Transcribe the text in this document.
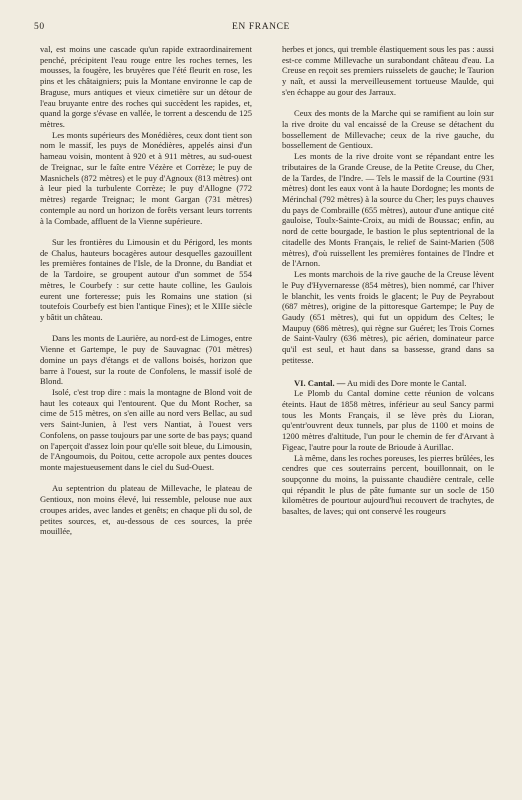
50	EN FRANCE

val, est moins une cascade qu'un rapide extraordinairement penché, précipitent l'eau rouge entre les roches ternes, les mousses, la fougère, les bruyères que l'été fleurit en rose, les pins et les châtaigniers; puis la Montane environne le cap de Braguse, murs antiques et vieux cimetière sur un détour de l'eau bruyante entre des roches qui succèdent les rapides, et, quand la gorge s'évase en vallée, le torrent a descendu de 125 mètres.

Les monts supérieurs des Monédières, ceux dont tient son nom le massif, les puys de Monédières, appelés ainsi d'un hameau voisin, montent à 920 et à 911 mètres, au sud-ouest de Treignac, sur le faîte entre Vézère et Corrèze; le puy de Masnichels (872 mètres) et le puy d'Agnoux (813 mètres) ont à leur pied la turbulente Corrèze; le puy d'Allogne (772 mètres) regarde Treignac; le mont Gargan (731 mètres) contemple au nord un horizon de forêts versant leurs torrents à la Combade, affluent de la Vienne supérieure.

Sur les frontières du Limousin et du Périgord, les monts de Chalus, hauteurs bocagères autour desquelles gazouillent les premières fontaines de l'Isle, de la Dronne, du Bandiat et de la Tardoire, se groupent autour d'un sommet de 554 mètres, le Courbefy : sur cette haute colline, les Gaulois eurent une forteresse; puis les Romains une station (si toutefois Courbefy est bien l'antique Fines); et le XIIIe siècle y bâtit un château.

Dans les monts de Laurière, au nord-est de Limoges, entre Vienne et Gartempe, le puy de Sauvagnac (701 mètres) domine un pays d'étangs et de vallons boisés, horizon que barre à l'ouest, sur la route de Confolens, le massif isolé de Blond.

Isolé, c'est trop dire : mais la montagne de Blond voit de haut les coteaux qui l'entourent. Que du Mont Rocher, sa cime de 515 mètres, on s'en aille au nord vers Bellac, au sud vers Saint-Junien, à l'est vers Nantiat, à l'ouest vers Confolens, on passe toujours par une sorte de bas pays; quand on l'aperçoit d'assez loin pour qu'elle soit bleue, du Limousin, de l'Angoumois, du Poitou, cette acropole aux pentes douces monte majestueusement dans le ciel du Sud-Ouest.

Au septentrion du plateau de Millevache, le plateau de Gentioux, non moins élevé, lui ressemble, pelouse nue aux croupes arides, avec landes et genêts; en chaque pli du sol, de petites sources, et, au-dessous de ces sources, la prée mouillée,

herbes et joncs, qui tremble élastiquement sous les pas : aussi est-ce comme Millevache un surabondant château d'eau. La Creuse en reçoit ses premiers ruisselets de gauche; le Taurion y naît, et aussi la merveilleusement tortueuse Maulde, qui s'en échappe au gour des Jarraux.

Ceux des monts de la Marche qui se ramifient au loin sur la rive droite du val encaissé de la Creuse se détachent du bossellement de Millevache; ceux de la rive gauche, du bossellement de Gentioux.

Les monts de la rive droite vont se répandant entre les tributaires de la Grande Creuse, de la Petite Creuse, du Cher, de la Tardes, de l'Indre. — Tels le massif de la Courtine (931 mètres) dont les eaux vont à la haute Dordogne; les monts de Mérinchal (792 mètres) à la source du Cher; les puys chauves du pays de Combraille (655 mètres), autour d'une antique cité gauloise, Toulx-Sainte-Croix, au midi de Boussac; enfin, au nord de cette bourgade, le bastion le plus septentrional de la citadelle des Monts Français, le relief de Saint-Marien (508 mètres), d'où ruissellent les premières fontaines de l'Indre et de l'Arnon.

Les monts marchois de la rive gauche de la Creuse lèvent le Puy d'Hyvernaresse (854 mètres), bien nommé, car l'hiver le blanchit, les vents froids le glacent; le Puy de Peyrabout (687 mètres), origine de la pittoresque Gartempe; le Puy de Gaudy (651 mètres), qui fut un oppidum des Celtes; le Maupuy (686 mètres), qui règne sur Guéret; les Trois Cornes de Saint-Vaulry (636 mètres), pic aérien, dominateur parce qu'il est seul, et haut dans sa bassesse, grand dans sa petitesse.

VI. Cantal. — Au midi des Dore monte le Cantal.

Le Plomb du Cantal domine cette réunion de volcans éteints. Haut de 1858 mètres, inférieur au seul Sancy parmi tous les Monts Français, il se lève près du Lioran, qu'entr'ouvrent deux tunnels, par plus de 1100 et moins de 1200 mètres d'altitude, l'un pour le chemin de fer d'Arvant à Figeac, l'autre pour la route de Brioude à Aurillac.

Là même, dans les roches poreuses, les pierres brûlées, les cendres que ces souterrains percent, bouillonnait, on le soupçonne du moins, la puissante chaudière centrale, celle qui répandit le plus de pâte fumante sur un socle de 150 kilomètres de pourtour aujourd'hui recouvert de trachytes, de basaltes, de laves; qui ont conservé les rougeurs
